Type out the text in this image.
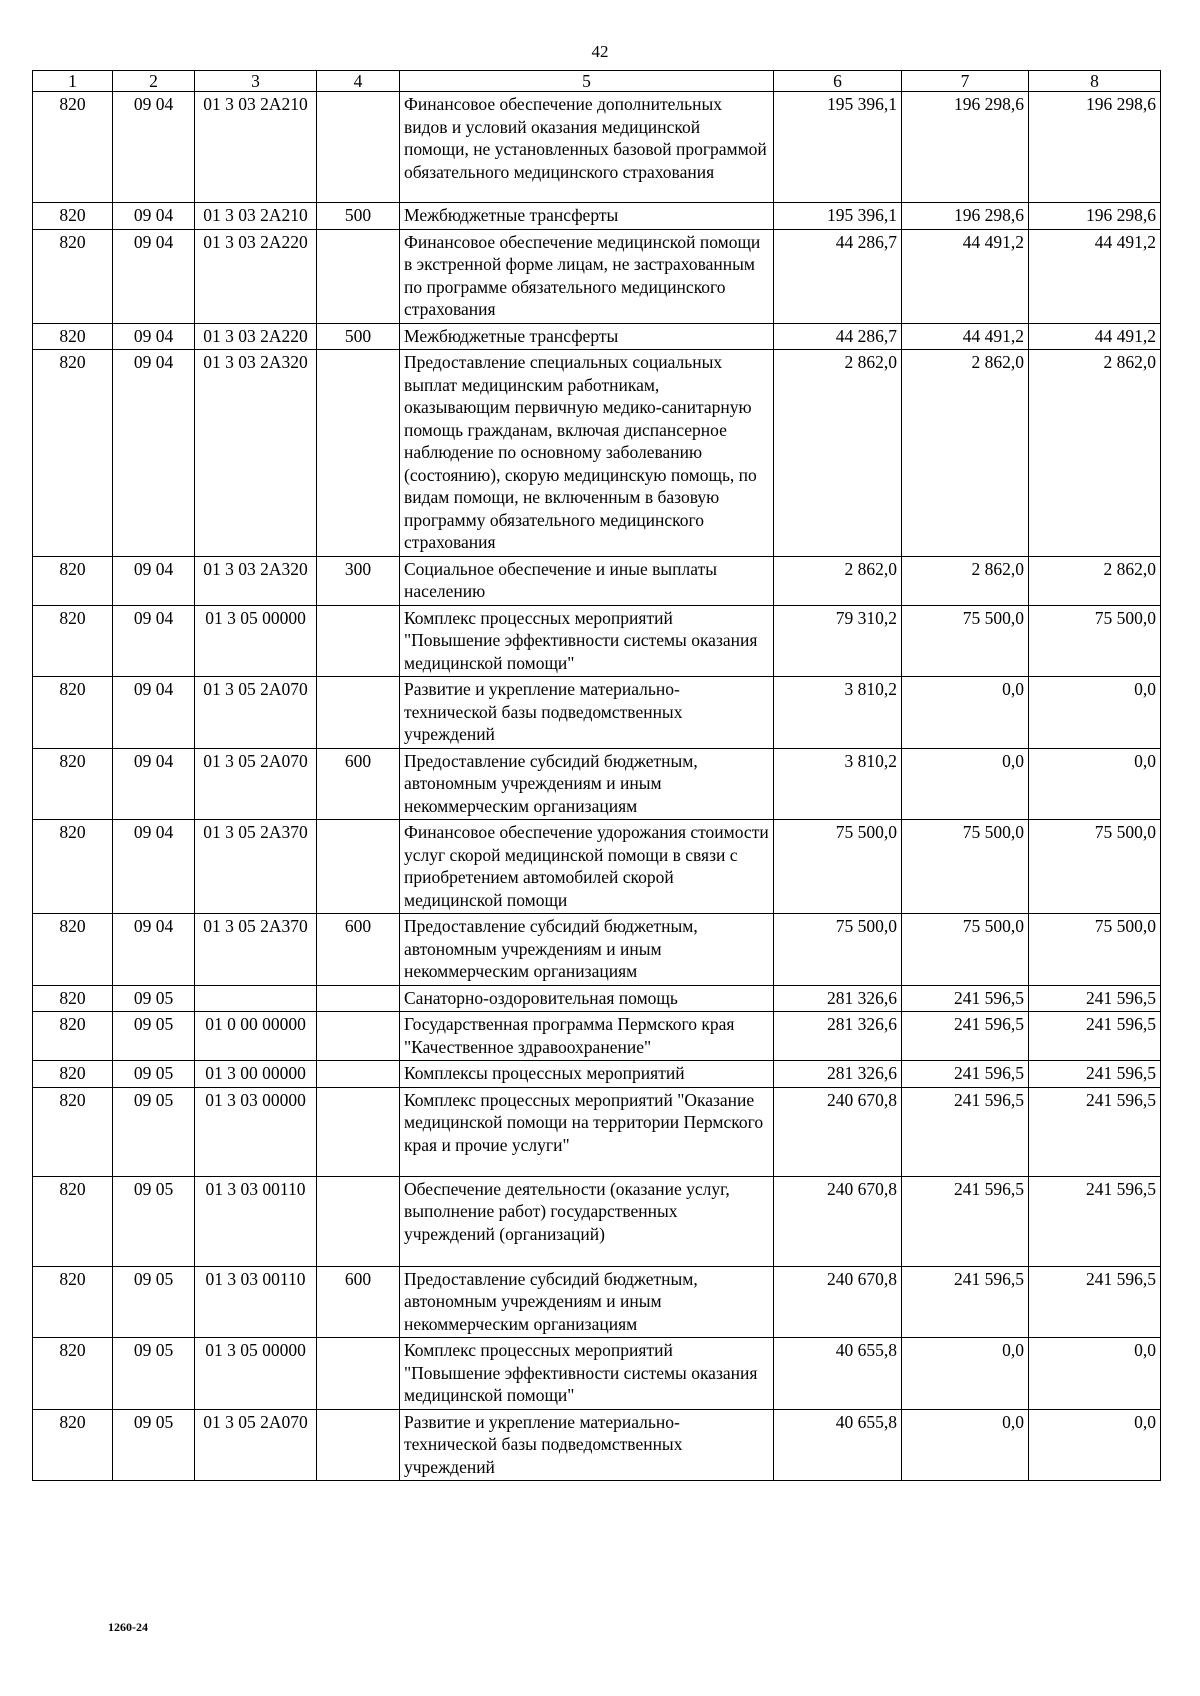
42
1	2	3	4	5	6	7	8
820	09 04	01 3 03 2А210		Финансовое обеспечение дополнительных видов и условий оказания медицинской помощи, не установленных базовой программой обязательного медицинского страхования	195 396,1	196 298,6	196 298,6
820	09 04	01 3 03 2А210	500	Межбюджетные трансферты	195 396,1	196 298,6	196 298,6
820	09 04	01 3 03 2А220		Финансовое обеспечение медицинской помощи в экстренной форме лицам, не застрахованным по программе обязательного медицинского страхования	44 286,7	44 491,2	44 491,2
820	09 04	01 3 03 2А220	500	Межбюджетные трансферты	44 286,7	44 491,2	44 491,2
820	09 04	01 3 03 2А320		Предоставление специальных социальных выплат медицинским работникам, оказывающим первичную медико-санитарную помощь гражданам, включая диспансерное наблюдение по основному заболеванию (состоянию), скорую медицинскую помощь, по видам помощи, не включенным в базовую программу обязательного медицинского страхования	2 862,0	2 862,0	2 862,0
820	09 04	01 3 03 2А320	300	Социальное обеспечение и иные выплаты населению	2 862,0	2 862,0	2 862,0
820	09 04	01 3 05 00000		Комплекс процессных мероприятий "Повышение эффективности системы оказания медицинской помощи"	79 310,2	75 500,0	75 500,0
820	09 04	01 3 05 2А070		Развитие и укрепление материально-технической базы подведомственных учреждений	3 810,2	0,0	0,0
820	09 04	01 3 05 2А070	600	Предоставление субсидий бюджетным, автономным учреждениям и иным некоммерческим организациям	3 810,2	0,0	0,0
820	09 04	01 3 05 2А370		Финансовое обеспечение удорожания стоимости услуг скорой медицинской помощи в связи с приобретением автомобилей скорой медицинской помощи	75 500,0	75 500,0	75 500,0
820	09 04	01 3 05 2А370	600	Предоставление субсидий бюджетным, автономным учреждениям и иным некоммерческим организациям	75 500,0	75 500,0	75 500,0
820	09 05			Санаторно-оздоровительная помощь	281 326,6	241 596,5	241 596,5
820	09 05	01 0 00 00000		Государственная программа Пермского края "Качественное здравоохранение"	281 326,6	241 596,5	241 596,5
820	09 05	01 3 00 00000		Комплексы процессных мероприятий	281 326,6	241 596,5	241 596,5
820	09 05	01 3 03 00000		Комплекс процессных мероприятий "Оказание медицинской помощи на территории Пермского края и прочие услуги"	240 670,8	241 596,5	241 596,5
820	09 05	01 3 03 00110		Обеспечение деятельности (оказание услуг, выполнение работ) государственных учреждений (организаций)	240 670,8	241 596,5	241 596,5
820	09 05	01 3 03 00110	600	Предоставление субсидий бюджетным, автономным учреждениям и иным некоммерческим организациям	240 670,8	241 596,5	241 596,5
820	09 05	01 3 05 00000		Комплекс процессных мероприятий "Повышение эффективности системы оказания медицинской помощи"	40 655,8	0,0	0,0
820	09 05	01 3 05 2А070		Развитие и укрепление материально-технической базы подведомственных учреждений	40 655,8	0,0	0,0
1260-24
